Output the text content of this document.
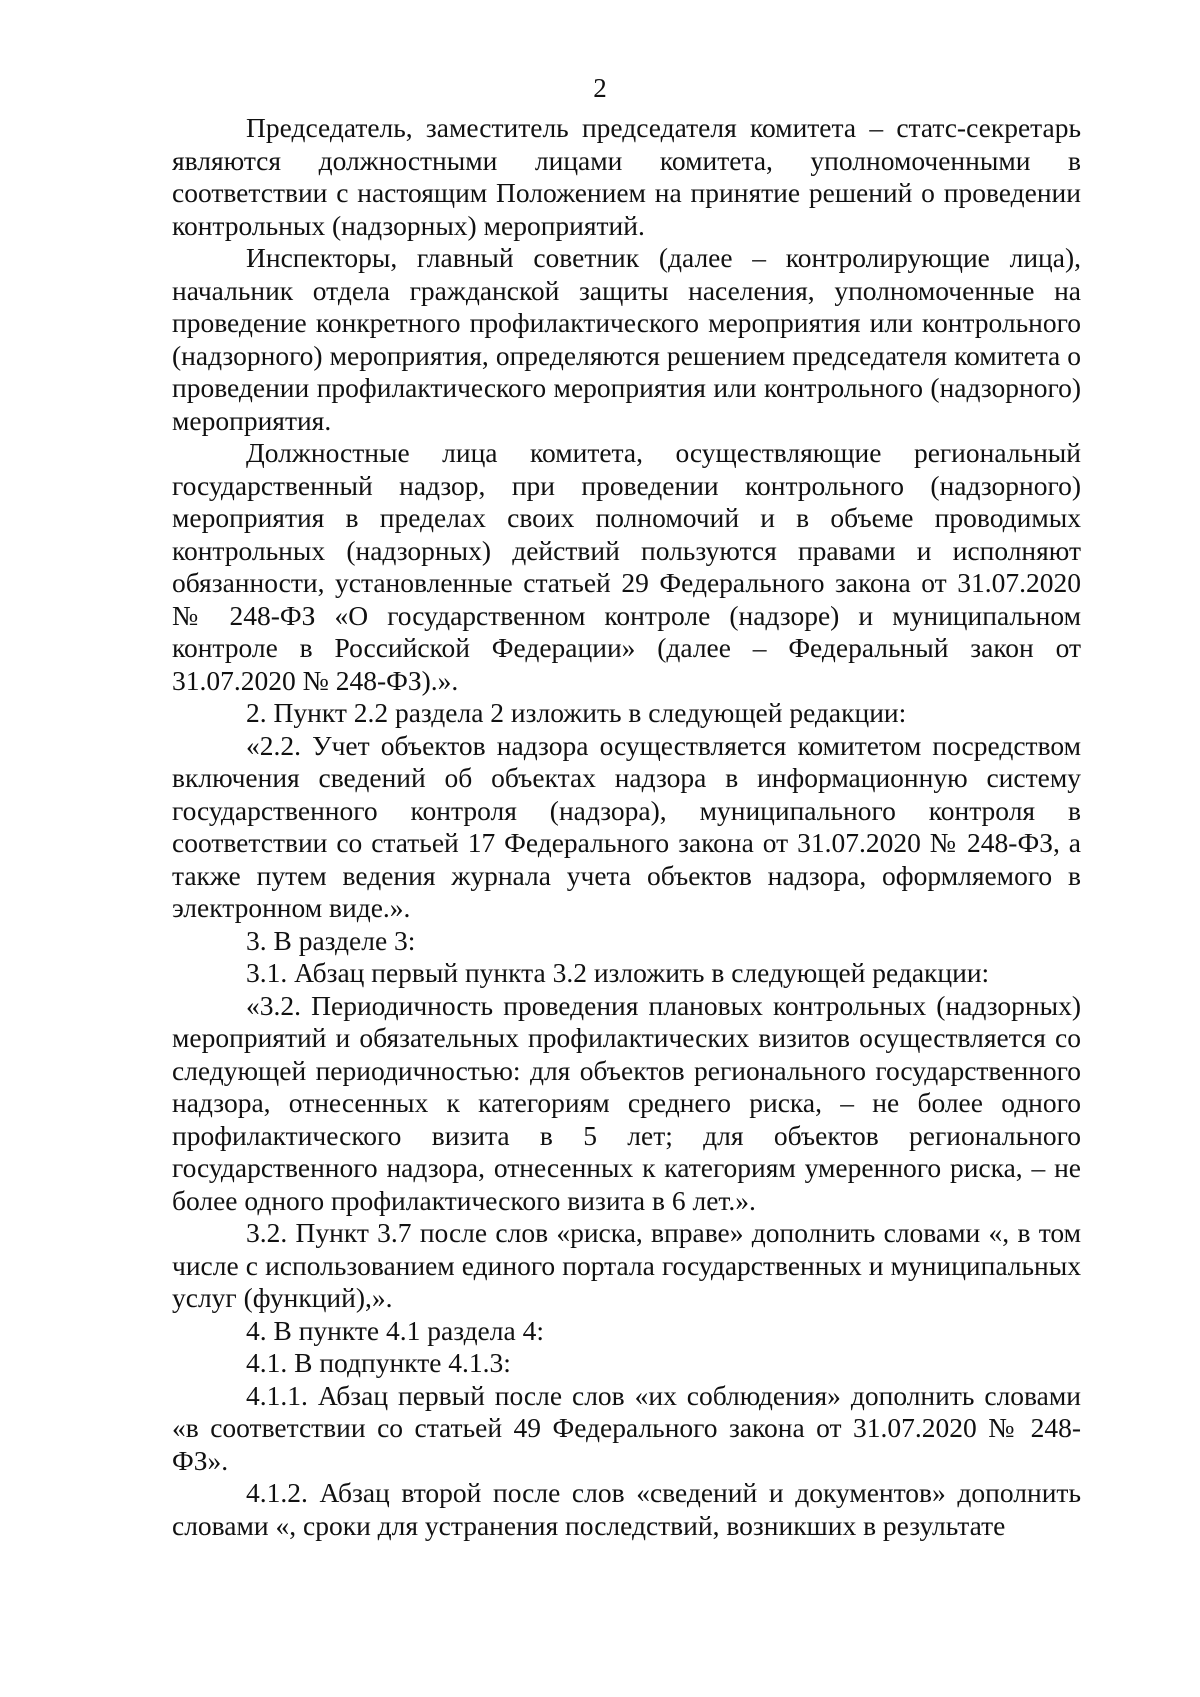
2

Председатель, заместитель председателя комитета – статс-секретарь являются должностными лицами комитета, уполномоченными в соответствии с настоящим Положением на принятие решений о проведении контрольных (надзорных) мероприятий.

Инспекторы, главный советник (далее – контролирующие лица), начальник отдела гражданской защиты населения, уполномоченные на проведение конкретного профилактического мероприятия или контрольного (надзорного) мероприятия, определяются решением председателя комитета о проведении профилактического мероприятия или контрольного (надзорного) мероприятия.

Должностные лица комитета, осуществляющие региональный государственный надзор, при проведении контрольного (надзорного) мероприятия в пределах своих полномочий и в объеме проводимых контрольных (надзорных) действий пользуются правами и исполняют обязанности, установленные статьей 29 Федерального закона от 31.07.2020 № 248-ФЗ «О государственном контроле (надзоре) и муниципальном контроле в Российской Федерации» (далее – Федеральный закон от 31.07.2020 № 248-ФЗ).».

2. Пункт 2.2 раздела 2 изложить в следующей редакции:

«2.2. Учет объектов надзора осуществляется комитетом посредством включения сведений об объектах надзора в информационную систему государственного контроля (надзора), муниципального контроля в соответствии со статьей 17 Федерального закона от 31.07.2020 № 248-ФЗ, а также путем ведения журнала учета объектов надзора, оформляемого в электронном виде.».

3. В разделе 3:

3.1. Абзац первый пункта 3.2 изложить в следующей редакции:

«3.2. Периодичность проведения плановых контрольных (надзорных) мероприятий и обязательных профилактических визитов осуществляется со следующей периодичностью: для объектов регионального государственного надзора, отнесенных к категориям среднего риска, – не более одного профилактического визита в 5 лет; для объектов регионального государственного надзора, отнесенных к категориям умеренного риска, – не более одного профилактического визита в 6 лет.».

3.2. Пункт 3.7 после слов «риска, вправе» дополнить словами «, в том числе с использованием единого портала государственных и муниципальных услуг (функций),».

4. В пункте 4.1 раздела 4:

4.1. В подпункте 4.1.3:

4.1.1. Абзац первый после слов «их соблюдения» дополнить словами «в соответствии со статьей 49 Федерального закона от 31.07.2020 № 248-ФЗ».

4.1.2. Абзац второй после слов «сведений и документов» дополнить словами «, сроки для устранения последствий, возникших в результате
